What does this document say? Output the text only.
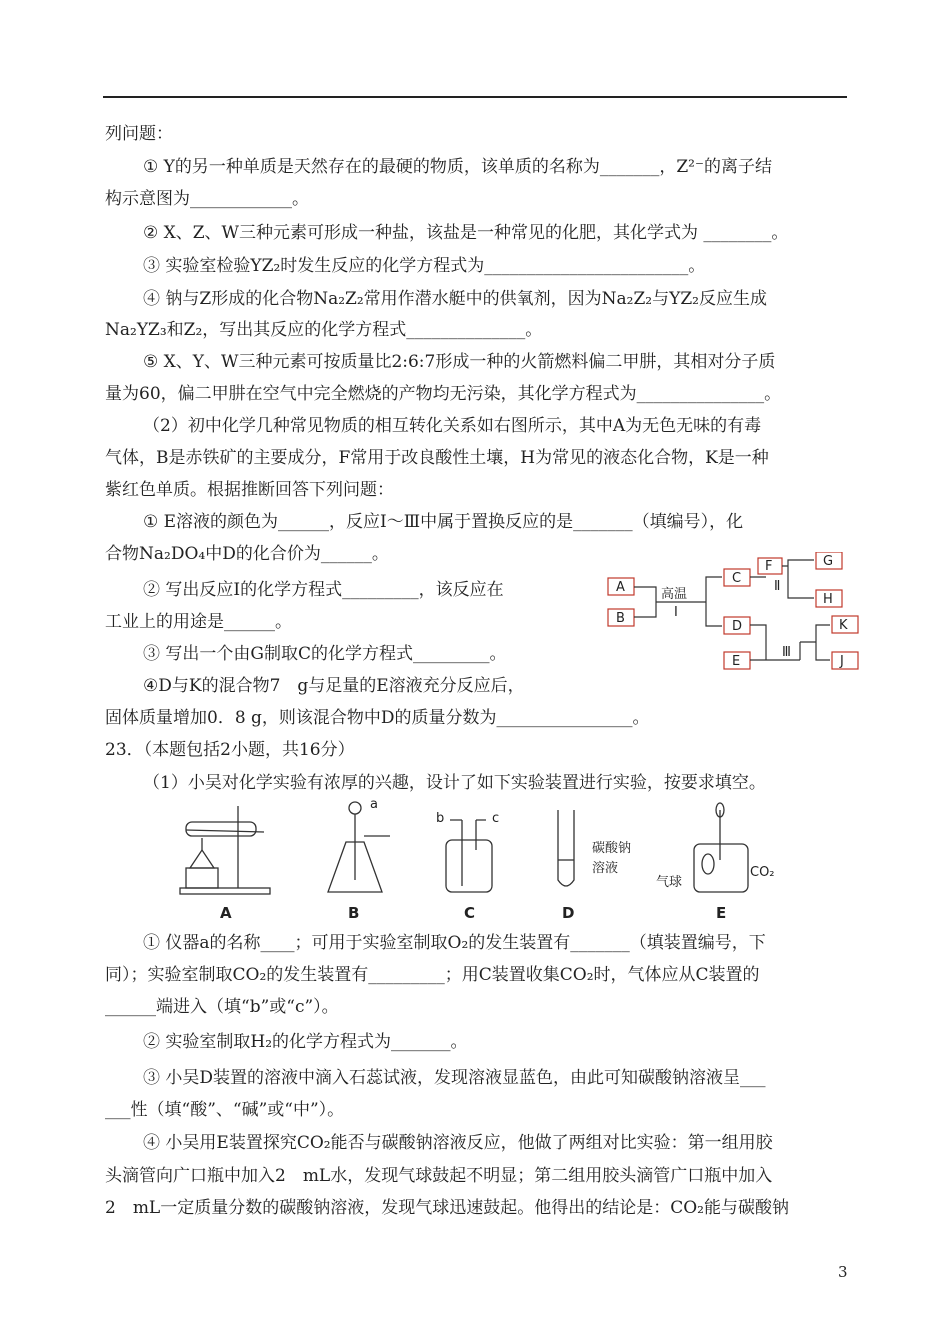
列问题：
① Y的另一种单质是天然存在的最硬的物质，该单质的名称为_______，Z²⁻的离子结
构示意图为____________。
② X、Z、W三种元素可形成一种盐，该盐是一种常见的化肥，其化学式为 ________。
③ 实验室检验YZ₂时发生反应的化学方程式为________________________。
④ 钠与Z形成的化合物Na₂Z₂常用作潜水艇中的供氧剂，因为Na₂Z₂与YZ₂反应生成
Na₂YZ₃和Z₂，写出其反应的化学方程式______________。
⑤ X、Y、W三种元素可按质量比2:6:7形成一种的火箭燃料偏二甲肼，其相对分子质
量为60，偏二甲肼在空气中完全燃烧的产物均无污染，其化学方程式为_______________。
（2）初中化学几种常见物质的相互转化关系如右图所示，其中A为无色无味的有毒
气体，B是赤铁矿的主要成分，F常用于改良酸性土壤，H为常见的液态化合物，K是一种
紫红色单质。根据推断回答下列问题：
① E溶液的颜色为______，反应Ⅰ～Ⅲ中属于置换反应的是_______（填编号），化
合物Na₂DO₄中D的化合价为______。
② 写出反应Ⅰ的化学方程式_________，该反应在
工业上的用途是______。
③ 写出一个由G制取C的化学方程式_________。
④D与K的混合物7　g与足量的E溶液充分反应后，
固体质量增加0．8 g，则该混合物中D的质量分数为________________。
23．（本题包括2小题，共16分）
（1）小吴对化学实验有浓厚的兴趣，设计了如下实验装置进行实验，按要求填空。
A
B
高温
Ⅰ
C
F
Ⅱ
G
H
D
E
Ⅲ
K
J
A
a
B
b	c
C
碳酸钠
溶液
D
气球
CO₂
E
① 仪器a的名称____；可用于实验室制取O₂的发生装置有_______（填装置编号，下
同）；实验室制取CO₂的发生装置有_________；用C装置收集CO₂时，气体应从C装置的
______端进入（填“b”或“c”）。
② 实验室制取H₂的化学方程式为_______。
③ 小吴D装置的溶液中滴入石蕊试液，发现溶液显蓝色，由此可知碳酸钠溶液呈___
___性（填“酸”、“碱”或“中”）。
④ 小吴用E装置探究CO₂能否与碳酸钠溶液反应，他做了两组对比实验：第一组用胶
头滴管向广口瓶中加入2　mL水，发现气球鼓起不明显；第二组用胶头滴管广口瓶中加入
2　mL一定质量分数的碳酸钠溶液，发现气球迅速鼓起。他得出的结论是：CO₂能与碳酸钠
3
